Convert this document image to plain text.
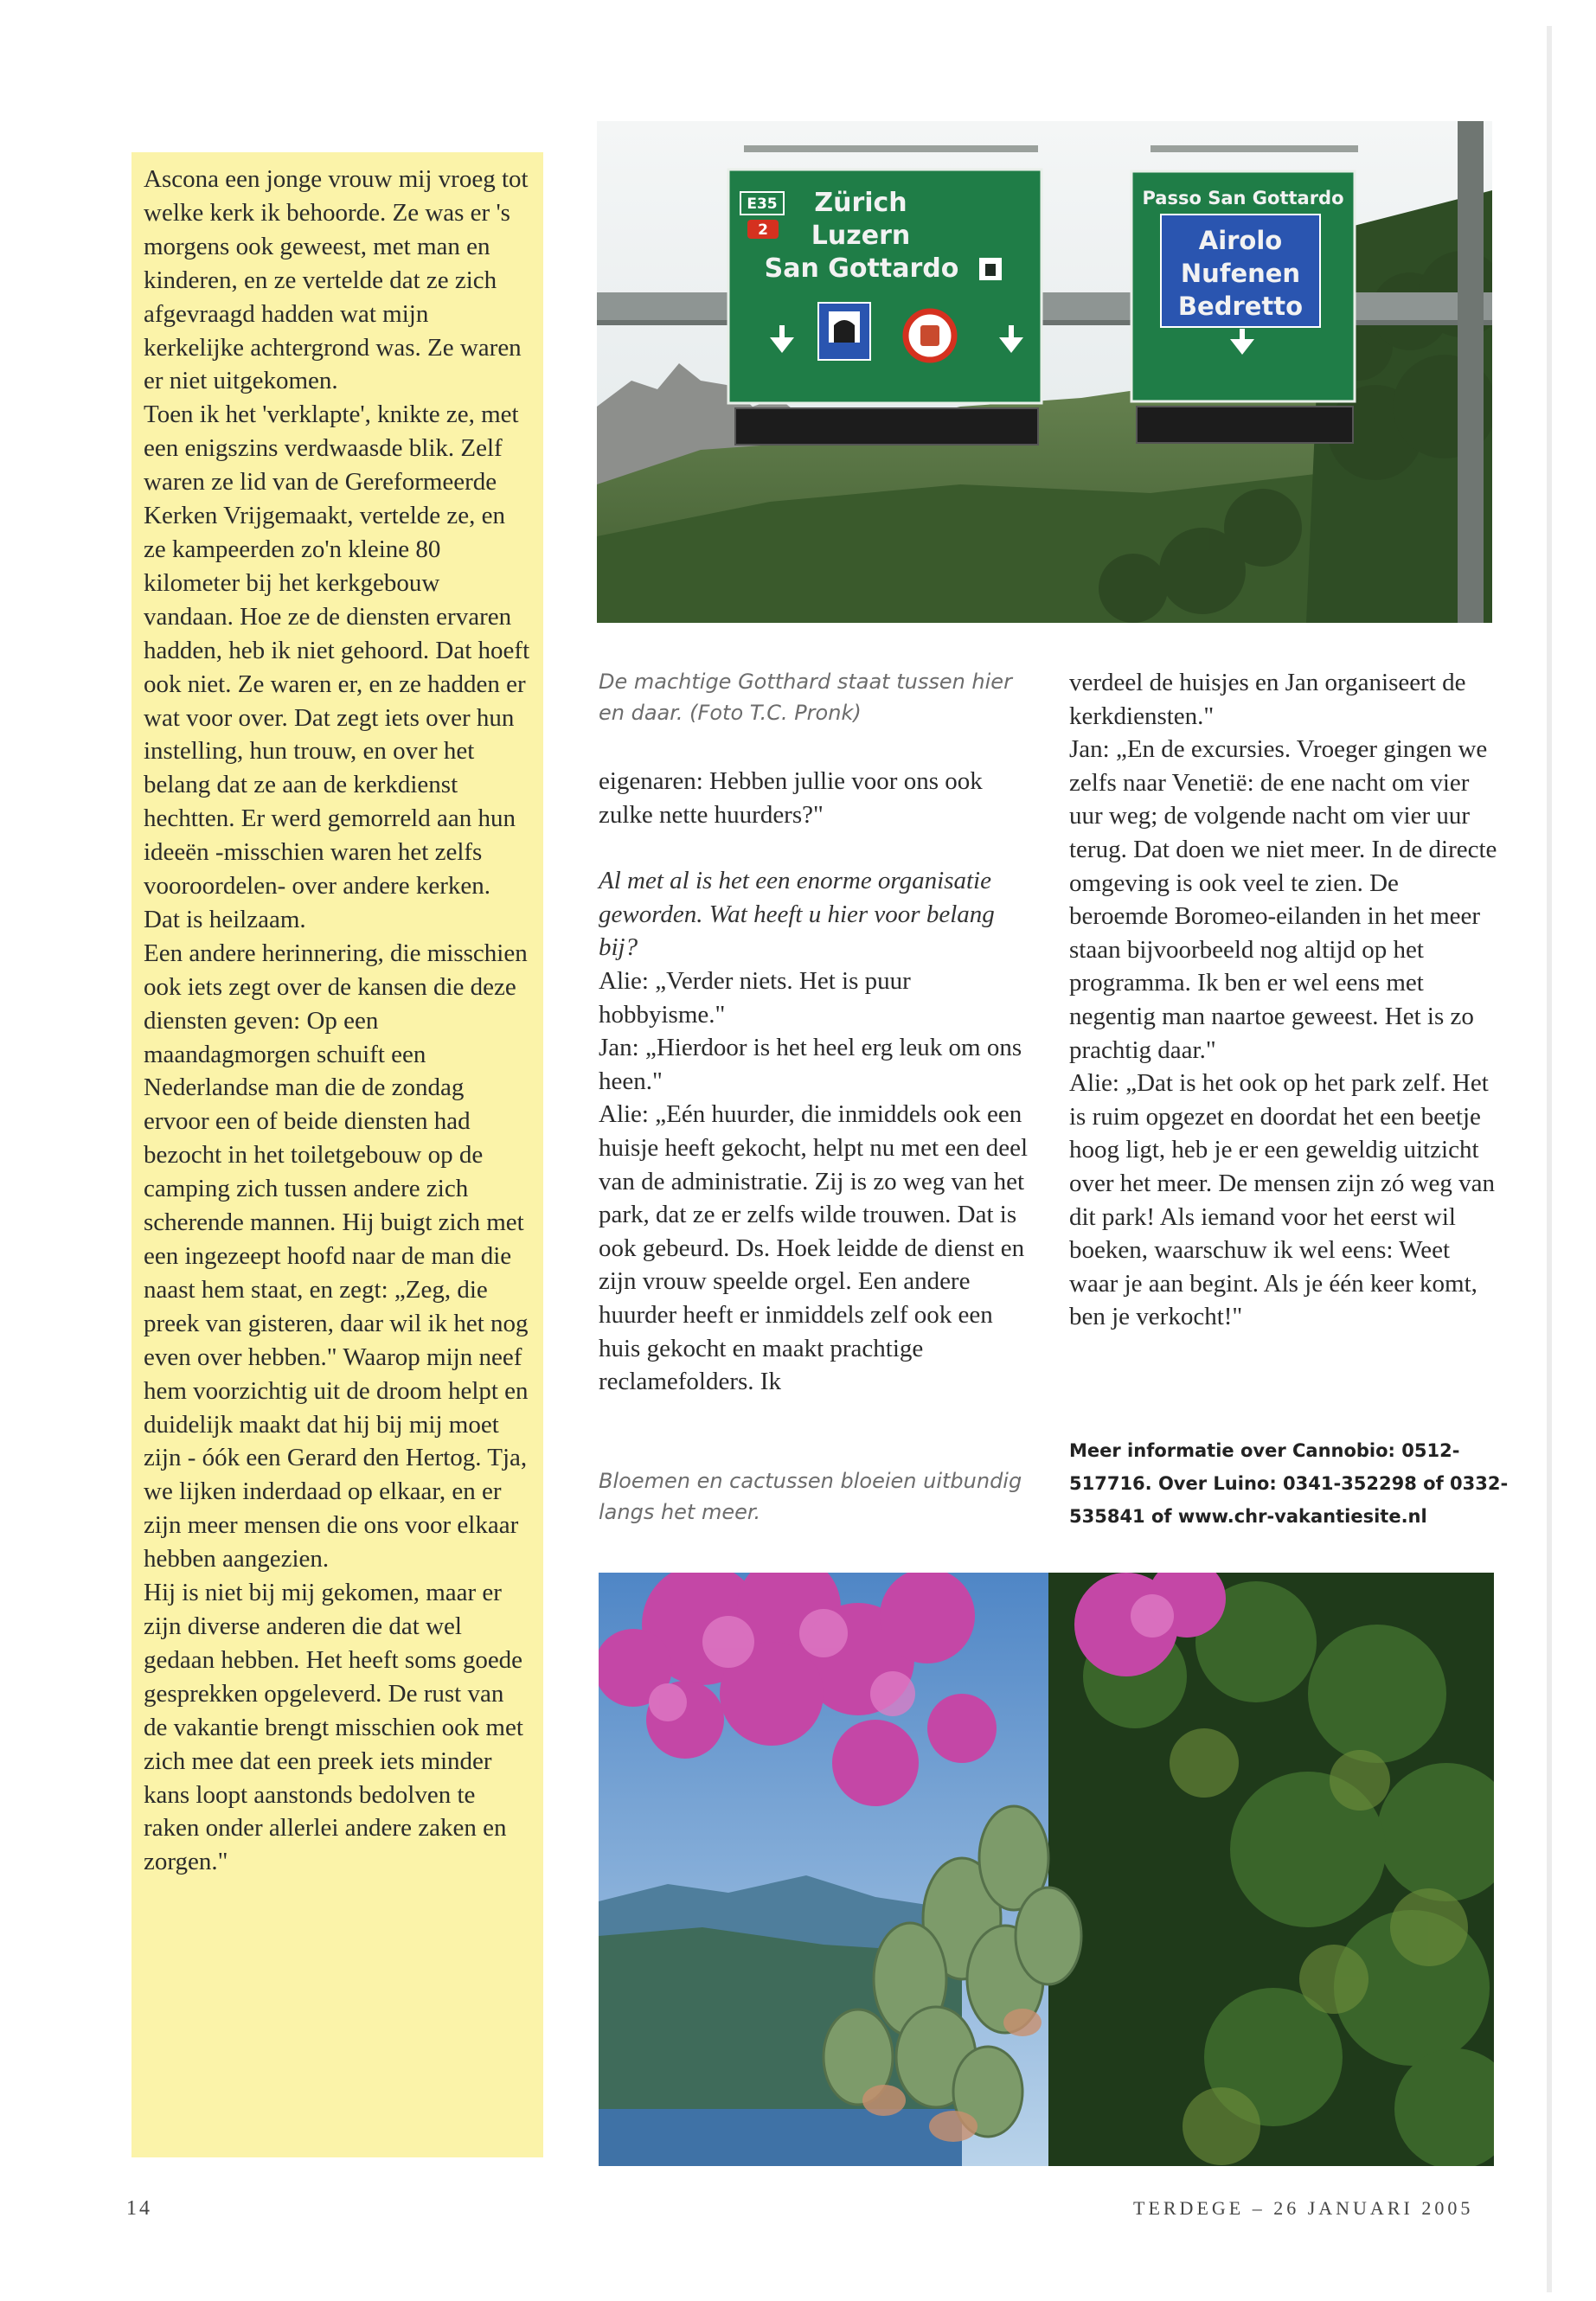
Ascona een jonge vrouw mij vroeg tot welke kerk ik behoorde. Ze was er 's morgens ook geweest, met man en kinderen, en ze vertelde dat ze zich afgevraagd hadden wat mijn kerkelijke achtergrond was. Ze waren er niet uitgekomen.

Toen ik het 'verklapte', knikte ze, met een enigszins verdwaasde blik. Zelf waren ze lid van de Gereformeerde Kerken Vrijgemaakt, vertelde ze, en ze kampeerden zo'n kleine 80 kilometer bij het kerkgebouw vandaan. Hoe ze de diensten ervaren hadden, heb ik niet gehoord. Dat hoeft ook niet. Ze waren er, en ze hadden er wat voor over. Dat zegt iets over hun instelling, hun trouw, en over het belang dat ze aan de kerkdienst hechtten. Er werd gemorreld aan hun ideeën -misschien waren het zelfs vooroordelen- over andere kerken. Dat is heilzaam.

Een andere herinnering, die misschien ook iets zegt over de kansen die deze diensten geven: Op een maandagmorgen schuift een Nederlandse man die de zondag ervoor een of beide diensten had bezocht in het toiletgebouw op de camping zich tussen andere zich scherende mannen. Hij buigt zich met een ingezeept hoofd naar de man die naast hem staat, en zegt: „Zeg, die preek van gisteren, daar wil ik het nog even over hebben." Waarop mijn neef hem voorzichtig uit de droom helpt en duidelijk maakt dat hij bij mij moet zijn - óók een Gerard den Hertog. Tja, we lijken inderdaad op elkaar, en er zijn meer mensen die ons voor elkaar hebben aangezien.

Hij is niet bij mij gekomen, maar er zijn diverse anderen die dat wel gedaan hebben. Het heeft soms goede gesprekken opgeleverd. De rust van de vakantie brengt misschien ook met zich mee dat een preek iets minder kans loopt aanstonds bedolven te raken onder allerlei andere zaken en zorgen."

E35
2
Zürich
Luzern
San Gottardo
Passo San Gottardo
Airolo
Nufenen
Bedretto
De machtige Gotthard staat tussen hier en daar. (Foto T.C. Pronk)

eigenaren: Hebben jullie voor ons ook zulke nette huurders?"

Al met al is het een enorme organisatie geworden. Wat heeft u hier voor belang bij?

Alie: „Verder niets. Het is puur hobbyisme."

Jan: „Hierdoor is het heel erg leuk om ons heen."

Alie: „Eén huurder, die inmiddels ook een huisje heeft gekocht, helpt nu met een deel van de administratie. Zij is zo weg van het park, dat ze er zelfs wilde trouwen. Dat is ook gebeurd. Ds. Hoek leidde de dienst en zijn vrouw speelde orgel. Een andere huurder heeft er inmiddels zelf ook een huis gekocht en maakt prachtige reclamefolders. Ik

Bloemen en cactussen bloeien uitbundig langs het meer.

verdeel de huisjes en Jan organiseert de kerkdiensten."

Jan: „En de excursies. Vroeger gingen we zelfs naar Venetië: de ene nacht om vier uur weg; de volgende nacht om vier uur terug. Dat doen we niet meer. In de directe omgeving is ook veel te zien. De beroemde Boromeo-eilanden in het meer staan bijvoorbeeld nog altijd op het programma. Ik ben er wel eens met negentig man naartoe geweest. Het is zo prachtig daar."

Alie: „Dat is het ook op het park zelf. Het is ruim opgezet en doordat het een beetje hoog ligt, heb je er een geweldig uitzicht over het meer. De mensen zijn zó weg van dit park! Als iemand voor het eerst wil boeken, waarschuw ik wel eens: Weet waar je aan begint. Als je één keer komt, ben je verkocht!"

Meer informatie over Cannobio: 0512-517716. Over Luino: 0341-352298 of 0332-535841 of www.chr-vakantiesite.nl
14	TERDEGE – 26 JANUARI 2005
